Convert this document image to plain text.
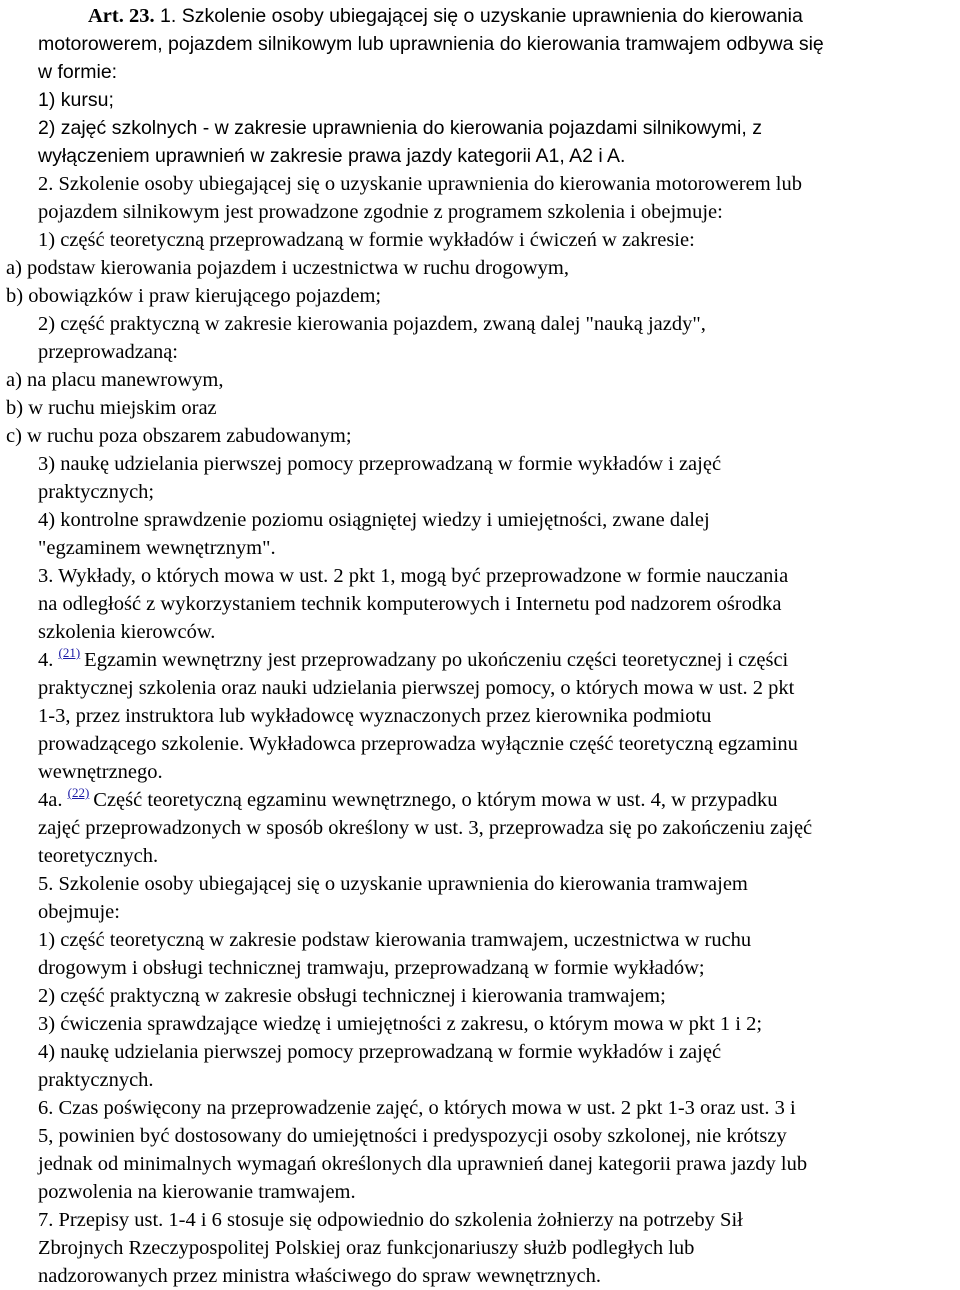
Art. 23. 1. Szkolenie osoby ubiegającej się o uzyskanie uprawnienia do kierowania

motorowerem, pojazdem silnikowym lub uprawnienia do kierowania tramwajem odbywa się

w formie:

1) kursu;

2) zajęć szkolnych - w zakresie uprawnienia do kierowania pojazdami silnikowymi, z

wyłączeniem uprawnień w zakresie prawa jazdy kategorii A1, A2 i A.

2. Szkolenie osoby ubiegającej się o uzyskanie uprawnienia do kierowania motorowerem lub

pojazdem silnikowym jest prowadzone zgodnie z programem szkolenia i obejmuje:

1) część teoretyczną przeprowadzaną w formie wykładów i ćwiczeń w zakresie:

a) podstaw kierowania pojazdem i uczestnictwa w ruchu drogowym,

b) obowiązków i praw kierującego pojazdem;

2) część praktyczną w zakresie kierowania pojazdem, zwaną dalej "nauką jazdy",

przeprowadzaną:

a) na placu manewrowym,

b) w ruchu miejskim oraz

c) w ruchu poza obszarem zabudowanym;

3) naukę udzielania pierwszej pomocy przeprowadzaną w formie wykładów i zajęć

praktycznych;

4) kontrolne sprawdzenie poziomu osiągniętej wiedzy i umiejętności, zwane dalej

"egzaminem wewnętrznym".

3. Wykłady, o których mowa w ust. 2 pkt 1, mogą być przeprowadzone w formie nauczania

na odległość z wykorzystaniem technik komputerowych i Internetu pod nadzorem ośrodka

szkolenia kierowców.

4. $^{(21)}$ Egzamin wewnętrzny jest przeprowadzany po ukończeniu części teoretycznej i części

praktycznej szkolenia oraz nauki udzielania pierwszej pomocy, o których mowa w ust. 2 pkt

1-3, przez instruktora lub wykładowcę wyznaczonych przez kierownika podmiotu

prowadzącego szkolenie. Wykładowca przeprowadza wyłącznie część teoretyczną egzaminu

wewnętrznego.

4a. $^{(22)}$ Część teoretyczną egzaminu wewnętrznego, o którym mowa w ust. 4, w przypadku

zajęć przeprowadzonych w sposób określony w ust. 3, przeprowadza się po zakończeniu zajęć

teoretycznych.

5. Szkolenie osoby ubiegającej się o uzyskanie uprawnienia do kierowania tramwajem

obejmuje:

1) część teoretyczną w zakresie podstaw kierowania tramwajem, uczestnictwa w ruchu

drogowym i obsługi technicznej tramwaju, przeprowadzaną w formie wykładów;

2) część praktyczną w zakresie obsługi technicznej i kierowania tramwajem;

3) ćwiczenia sprawdzające wiedzę i umiejętności z zakresu, o którym mowa w pkt 1 i 2;

4) naukę udzielania pierwszej pomocy przeprowadzaną w formie wykładów i zajęć

praktycznych.

6. Czas poświęcony na przeprowadzenie zajęć, o których mowa w ust. 2 pkt 1-3 oraz ust. 3 i

5, powinien być dostosowany do umiejętności i predyspozycji osoby szkolonej, nie krótszy

jednak od minimalnych wymagań określonych dla uprawnień danej kategorii prawa jazdy lub

pozwolenia na kierowanie tramwajem.

7. Przepisy ust. 1-4 i 6 stosuje się odpowiednio do szkolenia żołnierzy na potrzeby Sił

Zbrojnych Rzeczypospolitej Polskiej oraz funkcjonariuszy służb podległych lub

nadzorowanych przez ministra właściwego do spraw wewnętrznych.
